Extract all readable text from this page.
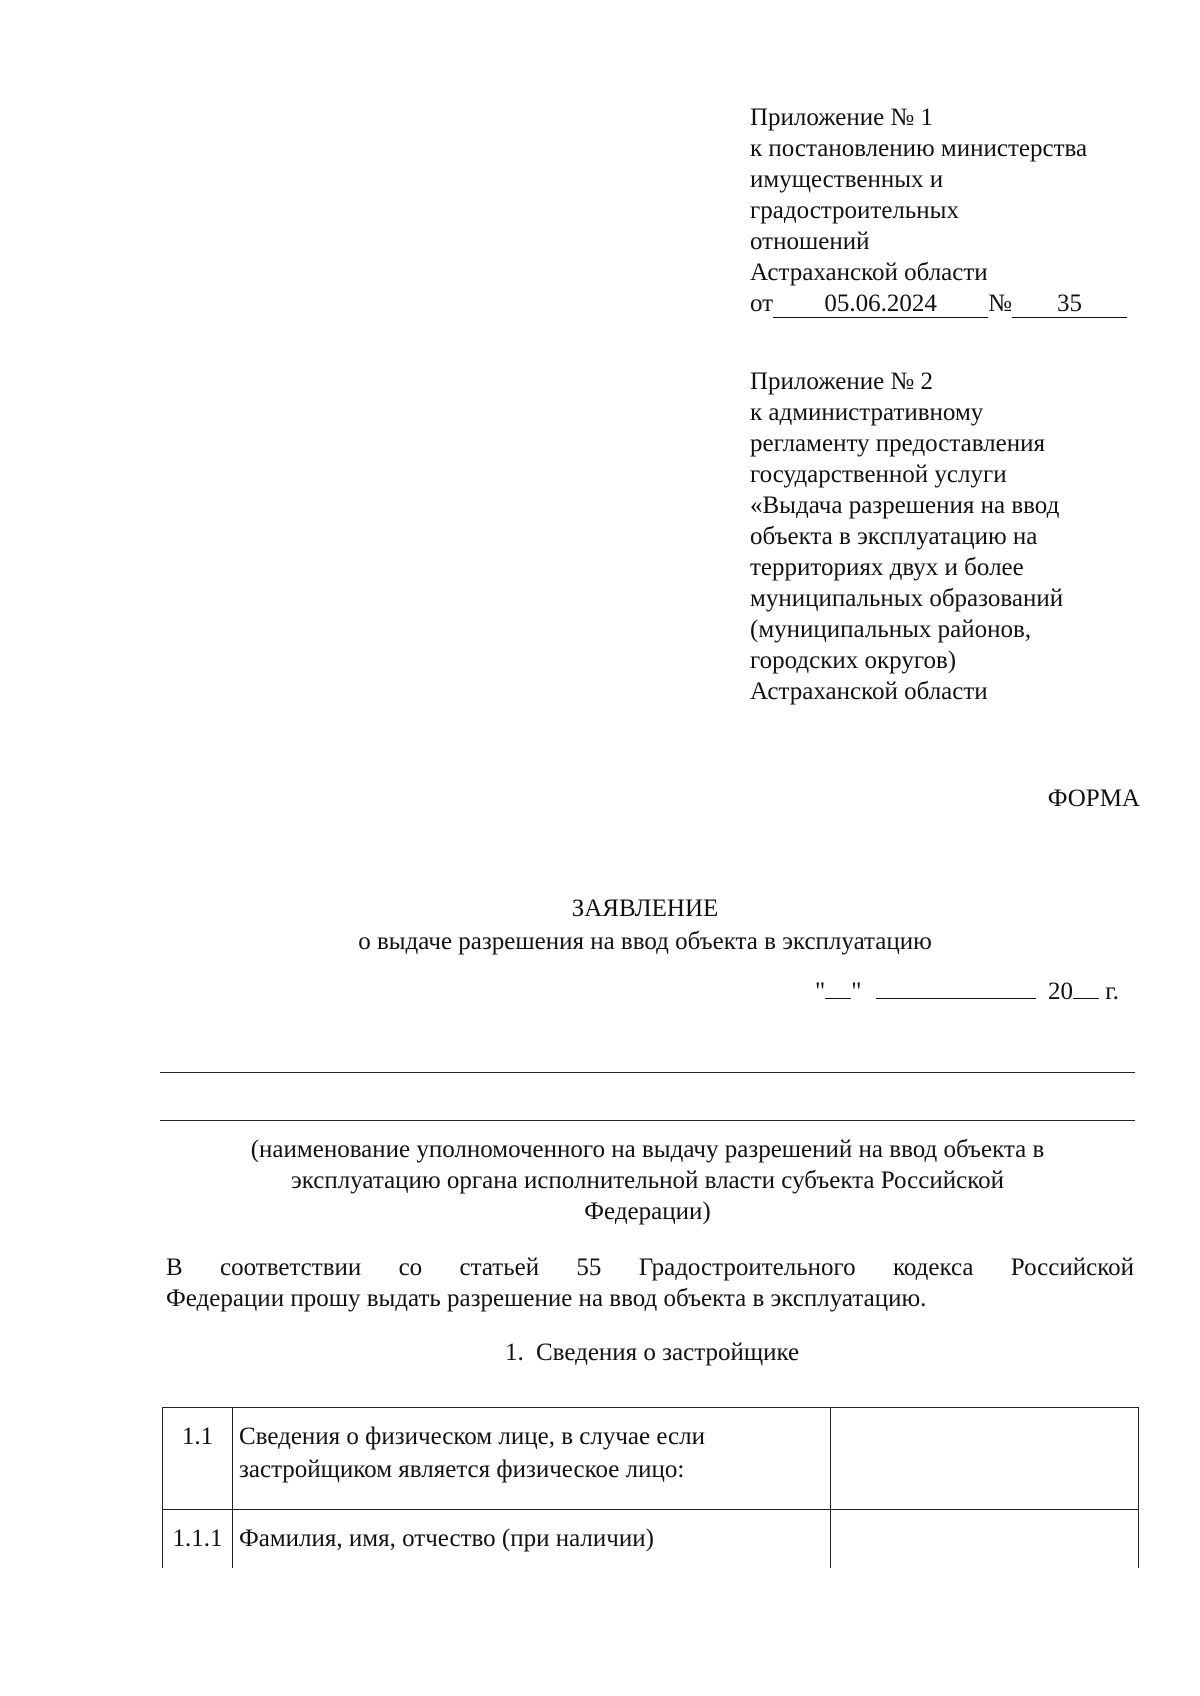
Приложение № 1
к постановлению министерства
имущественных и
градостроительных
отношений
Астраханской области
от 05.06.2024 № 35
Приложение № 2
к административному
регламенту предоставления
государственной услуги
«Выдача разрешения на ввод
объекта в эксплуатацию на
территориях двух и более
муниципальных образований
(муниципальных районов,
городских округов)
Астраханской области
ФОРМА
ЗАЯВЛЕНИЕ
о выдаче разрешения на ввод объекта в эксплуатацию
" "	20 г.
(наименование уполномоченного на выдачу разрешений на ввод объекта в
эксплуатацию органа исполнительной власти субъекта Российской
Федерации)
В соответствии со статьей 55 Градостроительного кодекса Российской
Федерации прошу выдать разрешение на ввод объекта в эксплуатацию.
1. Сведения о застройщике
1.1	Сведения о физическом лице, в случае если
застройщиком является физическое лицо:	

1.1.1	Фамилия, имя, отчество (при наличии)	
